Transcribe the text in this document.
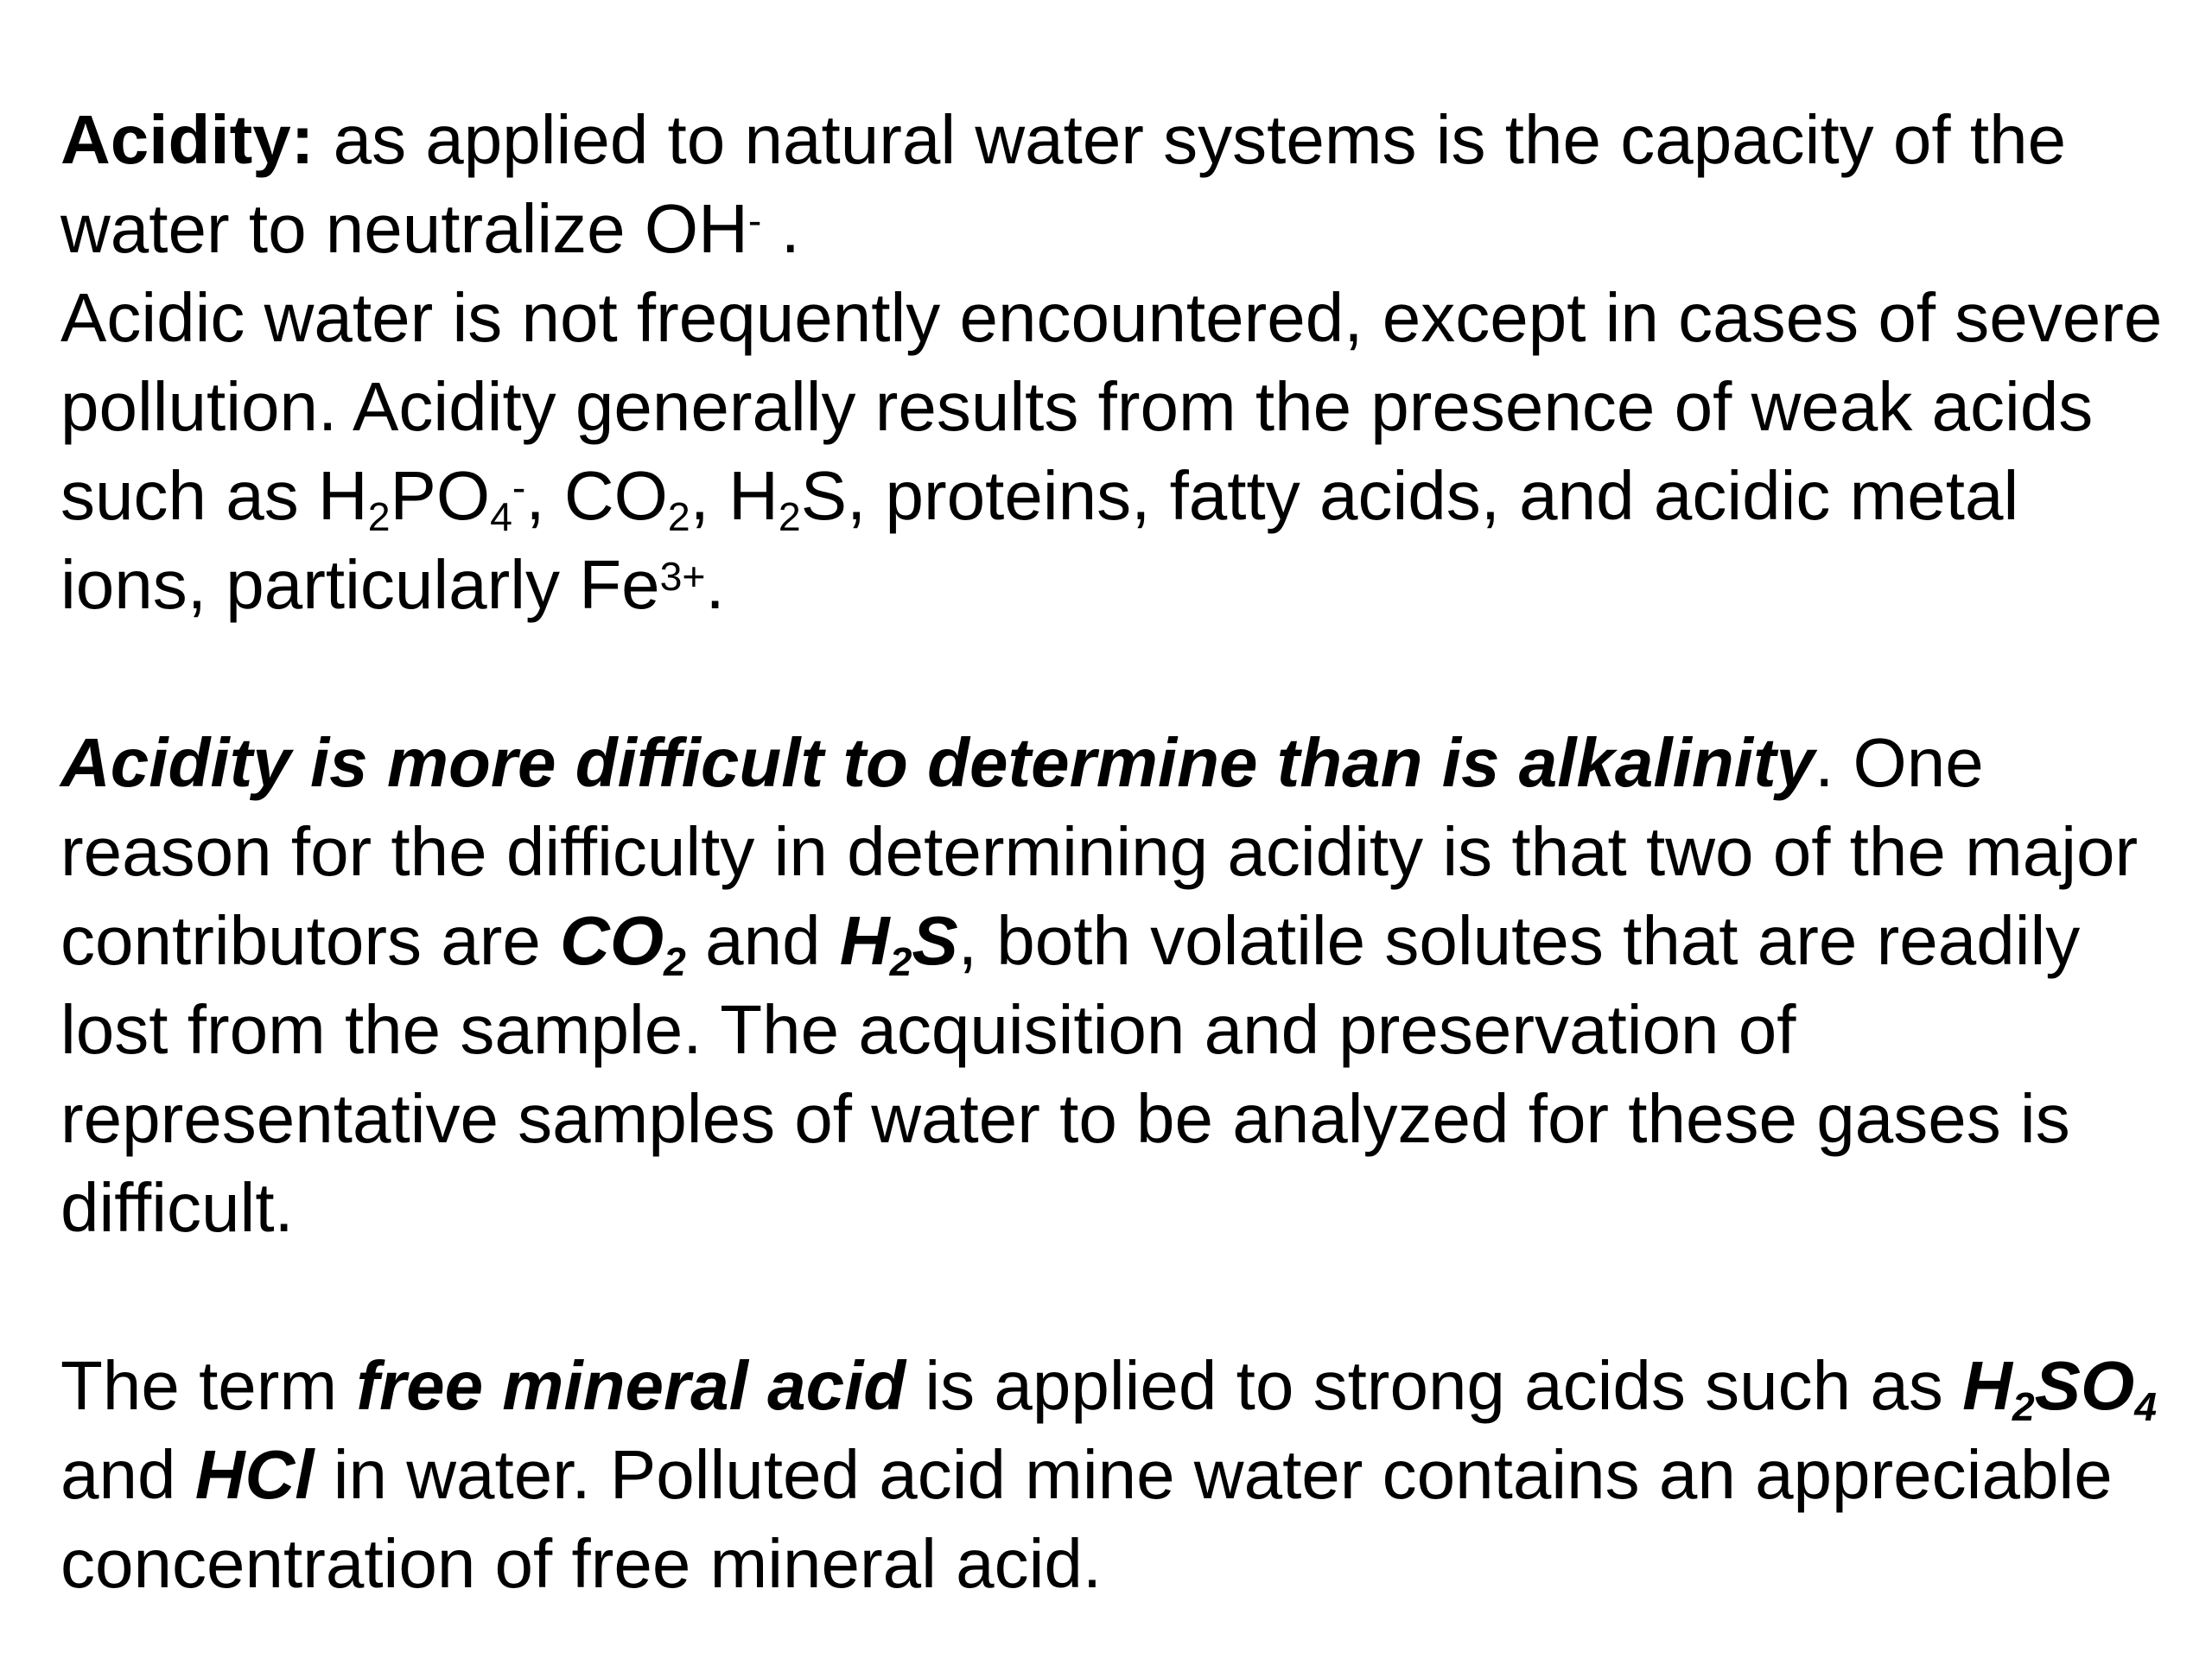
Acidity: as applied to natural water systems is the capacity of the water to neutralize OH- .

Acidic water is not frequently encountered, except in cases of severe pollution. Acidity generally results from the presence of weak acids such as $H_2PO_4^-$, $CO_2$, $H_2S$, proteins, fatty acids, and acidic metal ions, particularly $Fe^{3+}$.

Acidity is more difficult to determine than is alkalinity. One reason for the difficulty in determining acidity is that two of the major contributors are $CO_2$ and $H_2S$, both volatile solutes that are readily lost from the sample. The acquisition and preservation of representative samples of water to be analyzed for these gases is difficult.

The term free mineral acid is applied to strong acids such as $H_2SO_4$ and HCl in water. Polluted acid mine water contains an appreciable concentration of free mineral acid.
